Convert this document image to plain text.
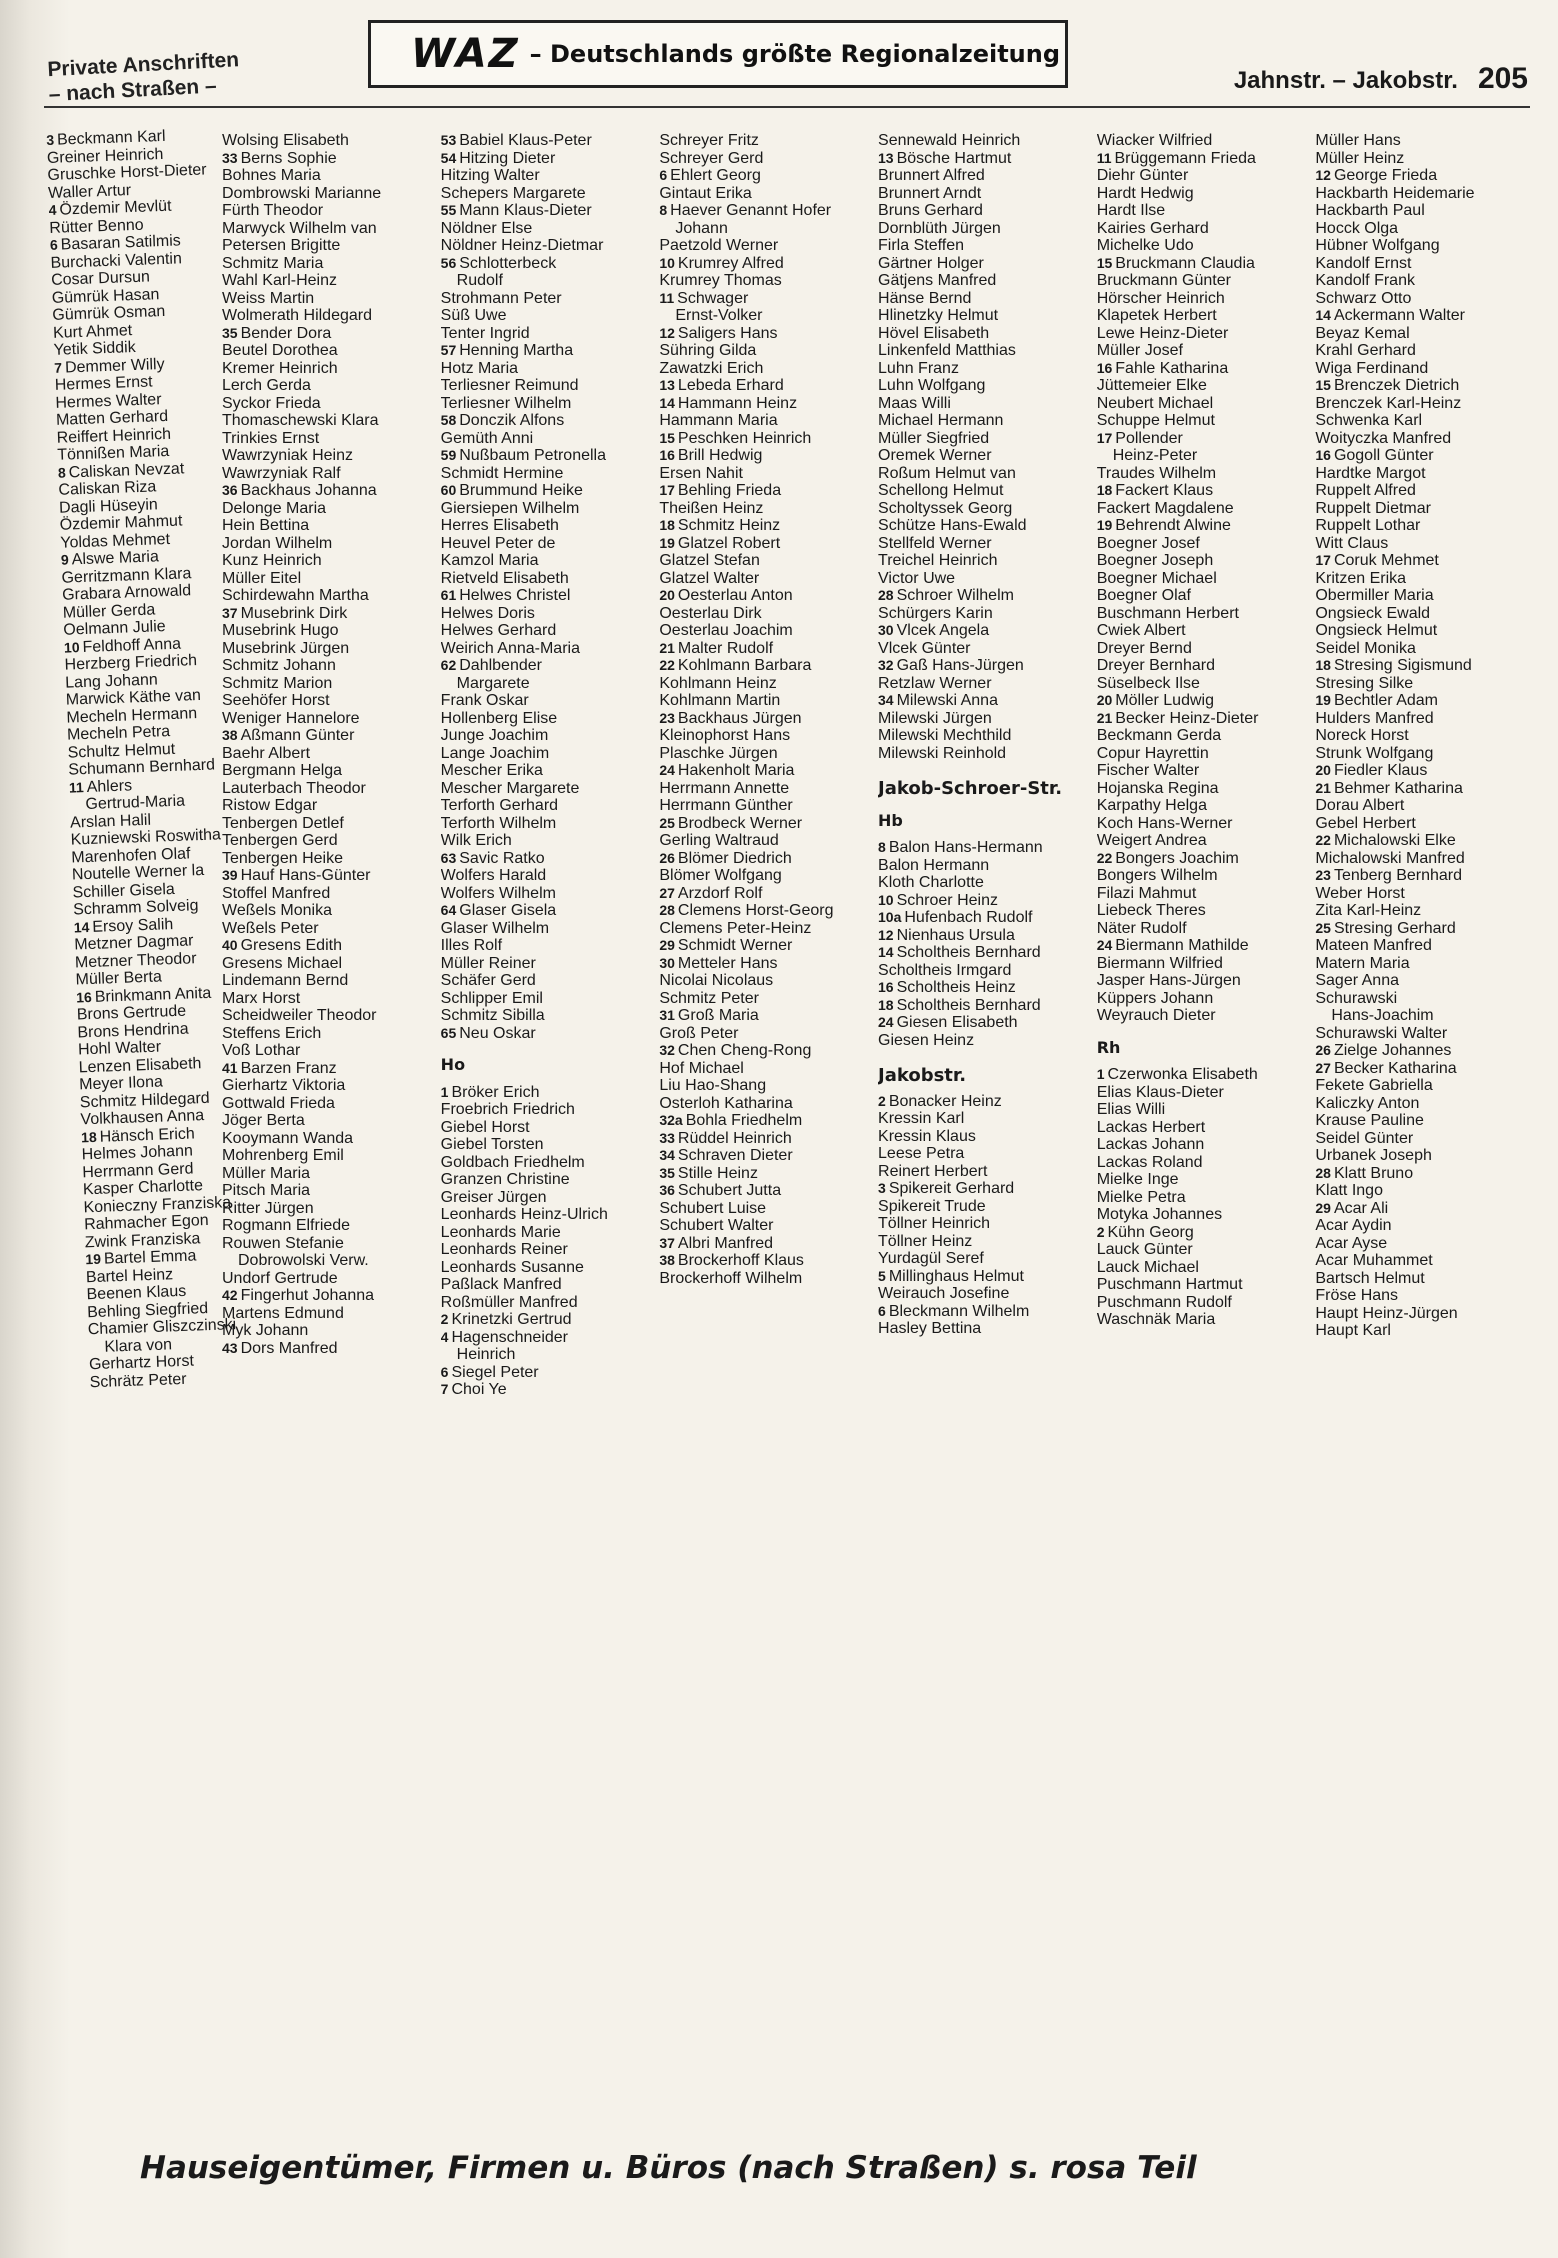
Private Anschriften
– nach Straßen –
WAZ – Deutschlands größte Regionalzeitung
Jahnstr. – Jakobstr. 205
3 Beckmann Karl
Greiner Heinrich
Gruschke Horst-Dieter
Waller Artur
4 Özdemir Mevlüt
Rütter Benno
6 Basaran Satilmis
Burchacki Valentin
Cosar Dursun
Gümrük Hasan
Gümrük Osman
Kurt Ahmet
Yetik Siddik
7 Demmer Willy
Hermes Ernst
Hermes Walter
Matten Gerhard
Reiffert Heinrich
Tönnißen Maria
8 Caliskan Nevzat
Caliskan Riza
Dagli Hüseyin
Özdemir Mahmut
Yoldas Mehmet
9 Alswe Maria
Gerritzmann Klara
Grabara Arnowald
Müller Gerda
Oelmann Julie
10 Feldhoff Anna
Herzberg Friedrich
Lang Johann
Marwick Käthe van
Mecheln Hermann
Mecheln Petra
Schultz Helmut
Schumann Bernhard
11 Ahlers
Gertrud-Maria
Arslan Halil
Kuzniewski Roswitha
Marenhofen Olaf
Noutelle Werner la
Schiller Gisela
Schramm Solveig
14 Ersoy Salih
Metzner Dagmar
Metzner Theodor
Müller Berta
16 Brinkmann Anita
Brons Gertrude
Brons Hendrina
Hohl Walter
Lenzen Elisabeth
Meyer Ilona
Schmitz Hildegard
Volkhausen Anna
18 Hänsch Erich
Helmes Johann
Herrmann Gerd
Kasper Charlotte
Konieczny Franziska
Rahmacher Egon
Zwink Franziska
19 Bartel Emma
Bartel Heinz
Beenen Klaus
Behling Siegfried
Chamier Gliszczinski
Klara von
Gerhartz Horst
Schrätz Peter
Wolsing Elisabeth
33 Berns Sophie
Bohnes Maria
Dombrowski Marianne
Fürth Theodor
Marwyck Wilhelm van
Petersen Brigitte
Schmitz Maria
Wahl Karl-Heinz
Weiss Martin
Wolmerath Hildegard
35 Bender Dora
Beutel Dorothea
Kremer Heinrich
Lerch Gerda
Syckor Frieda
Thomaschewski Klara
Trinkies Ernst
Wawrzyniak Heinz
Wawrzyniak Ralf
36 Backhaus Johanna
Delonge Maria
Hein Bettina
Jordan Wilhelm
Kunz Heinrich
Müller Eitel
Schirdewahn Martha
37 Musebrink Dirk
Musebrink Hugo
Musebrink Jürgen
Schmitz Johann
Schmitz Marion
Seehöfer Horst
Weniger Hannelore
38 Aßmann Günter
Baehr Albert
Bergmann Helga
Lauterbach Theodor
Ristow Edgar
Tenbergen Detlef
Tenbergen Gerd
Tenbergen Heike
39 Hauf Hans-Günter
Stoffel Manfred
Weßels Monika
Weßels Peter
40 Gresens Edith
Gresens Michael
Lindemann Bernd
Marx Horst
Scheidweiler Theodor
Steffens Erich
Voß Lothar
41 Barzen Franz
Gierhartz Viktoria
Gottwald Frieda
Jöger Berta
Kooymann Wanda
Mohrenberg Emil
Müller Maria
Pitsch Maria
Ritter Jürgen
Rogmann Elfriede
Rouwen Stefanie
Dobrowolski Verw.
Undorf Gertrude
42 Fingerhut Johanna
Martens Edmund
Myk Johann
43 Dors Manfred
53 Babiel Klaus-Peter
54 Hitzing Dieter
Hitzing Walter
Schepers Margarete
55 Mann Klaus-Dieter
Nöldner Else
Nöldner Heinz-Dietmar
56 Schlotterbeck
Rudolf
Strohmann Peter
Süß Uwe
Tenter Ingrid
57 Henning Martha
Hotz Maria
Terliesner Reimund
Terliesner Wilhelm
58 Donczik Alfons
Gemüth Anni
59 Nußbaum Petronella
Schmidt Hermine
60 Brummund Heike
Giersiepen Wilhelm
Herres Elisabeth
Heuvel Peter de
Kamzol Maria
Rietveld Elisabeth
61 Helwes Christel
Helwes Doris
Helwes Gerhard
Weirich Anna-Maria
62 Dahlbender
Margarete
Frank Oskar
Hollenberg Elise
Junge Joachim
Lange Joachim
Mescher Erika
Mescher Margarete
Terforth Gerhard
Terforth Wilhelm
Wilk Erich
63 Savic Ratko
Wolfers Harald
Wolfers Wilhelm
64 Glaser Gisela
Glaser Wilhelm
Illes Rolf
Müller Reiner
Schäfer Gerd
Schlipper Emil
Schmitz Sibilla
65 Neu Oskar
Ho
1 Bröker Erich
Froebrich Friedrich
Giebel Horst
Giebel Torsten
Goldbach Friedhelm
Granzen Christine
Greiser Jürgen
Leonhards Heinz-Ulrich
Leonhards Marie
Leonhards Reiner
Leonhards Susanne
Paßlack Manfred
Roßmüller Manfred
2 Krinetzki Gertrud
4 Hagenschneider
Heinrich
6 Siegel Peter
7 Choi Ye
Schreyer Fritz
Schreyer Gerd
6 Ehlert Georg
Gintaut Erika
8 Haever Genannt Hofer
Johann
Paetzold Werner
10 Krumrey Alfred
Krumrey Thomas
11 Schwager
Ernst-Volker
12 Saligers Hans
Sühring Gilda
Zawatzki Erich
13 Lebeda Erhard
14 Hammann Heinz
Hammann Maria
15 Peschken Heinrich
16 Brill Hedwig
Ersen Nahit
17 Behling Frieda
Theißen Heinz
18 Schmitz Heinz
19 Glatzel Robert
Glatzel Stefan
Glatzel Walter
20 Oesterlau Anton
Oesterlau Dirk
Oesterlau Joachim
21 Malter Rudolf
22 Kohlmann Barbara
Kohlmann Heinz
Kohlmann Martin
23 Backhaus Jürgen
Kleinophorst Hans
Plaschke Jürgen
24 Hakenholt Maria
Herrmann Annette
Herrmann Günther
25 Brodbeck Werner
Gerling Waltraud
26 Blömer Diedrich
Blömer Wolfgang
27 Arzdorf Rolf
28 Clemens Horst-Georg
Clemens Peter-Heinz
29 Schmidt Werner
30 Metteler Hans
Nicolai Nicolaus
Schmitz Peter
31 Groß Maria
Groß Peter
32 Chen Cheng-Rong
Hof Michael
Liu Hao-Shang
Osterloh Katharina
32a Bohla Friedhelm
33 Rüddel Heinrich
34 Schraven Dieter
35 Stille Heinz
36 Schubert Jutta
Schubert Luise
Schubert Walter
37 Albri Manfred
38 Brockerhoff Klaus
Brockerhoff Wilhelm
Sennewald Heinrich
13 Bösche Hartmut
Brunnert Alfred
Brunnert Arndt
Bruns Gerhard
Dornblüth Jürgen
Firla Steffen
Gärtner Holger
Gätjens Manfred
Hänse Bernd
Hlinetzky Helmut
Hövel Elisabeth
Linkenfeld Matthias
Luhn Franz
Luhn Wolfgang
Maas Willi
Michael Hermann
Müller Siegfried
Oremek Werner
Roßum Helmut van
Schellong Helmut
Scholtyssek Georg
Schütze Hans-Ewald
Stellfeld Werner
Treichel Heinrich
Victor Uwe
28 Schroer Wilhelm
Schürgers Karin
30 Vlcek Angela
Vlcek Günter
32 Gaß Hans-Jürgen
Retzlaw Werner
34 Milewski Anna
Milewski Jürgen
Milewski Mechthild
Milewski Reinhold
Jakob-Schroer-Str.
Hb
8 Balon Hans-Hermann
Balon Hermann
Kloth Charlotte
10 Schroer Heinz
10a Hufenbach Rudolf
12 Nienhaus Ursula
14 Scholtheis Bernhard
Scholtheis Irmgard
16 Scholtheis Heinz
18 Scholtheis Bernhard
24 Giesen Elisabeth
Giesen Heinz
Jakobstr.
2 Bonacker Heinz
Kressin Karl
Kressin Klaus
Leese Petra
Reinert Herbert
3 Spikereit Gerhard
Spikereit Trude
Töllner Heinrich
Töllner Heinz
Yurdagül Seref
5 Millinghaus Helmut
Weirauch Josefine
6 Bleckmann Wilhelm
Hasley Bettina
Wiacker Wilfried
11 Brüggemann Frieda
Diehr Günter
Hardt Hedwig
Hardt Ilse
Kairies Gerhard
Michelke Udo
15 Bruckmann Claudia
Bruckmann Günter
Hörscher Heinrich
Klapetek Herbert
Lewe Heinz-Dieter
Müller Josef
16 Fahle Katharina
Jüttemeier Elke
Neubert Michael
Schuppe Helmut
17 Pollender
Heinz-Peter
Traudes Wilhelm
18 Fackert Klaus
Fackert Magdalene
19 Behrendt Alwine
Boegner Josef
Boegner Joseph
Boegner Michael
Boegner Olaf
Buschmann Herbert
Cwiek Albert
Dreyer Bernd
Dreyer Bernhard
Süselbeck Ilse
20 Möller Ludwig
21 Becker Heinz-Dieter
Beckmann Gerda
Copur Hayrettin
Fischer Walter
Hojanska Regina
Karpathy Helga
Koch Hans-Werner
Weigert Andrea
22 Bongers Joachim
Bongers Wilhelm
Filazi Mahmut
Liebeck Theres
Näter Rudolf
24 Biermann Mathilde
Biermann Wilfried
Jasper Hans-Jürgen
Küppers Johann
Weyrauch Dieter
Rh
1 Czerwonka Elisabeth
Elias Klaus-Dieter
Elias Willi
Lackas Herbert
Lackas Johann
Lackas Roland
Mielke Inge
Mielke Petra
Motyka Johannes
2 Kühn Georg
Lauck Günter
Lauck Michael
Puschmann Hartmut
Puschmann Rudolf
Waschnäk Maria
Müller Hans
Müller Heinz
12 George Frieda
Hackbarth Heidemarie
Hackbarth Paul
Hocck Olga
Hübner Wolfgang
Kandolf Ernst
Kandolf Frank
Schwarz Otto
14 Ackermann Walter
Beyaz Kemal
Krahl Gerhard
Wiga Ferdinand
15 Brenczek Dietrich
Brenczek Karl-Heinz
Schwenka Karl
Woityczka Manfred
16 Gogoll Günter
Hardtke Margot
Ruppelt Alfred
Ruppelt Dietmar
Ruppelt Lothar
Witt Claus
17 Coruk Mehmet
Kritzen Erika
Obermiller Maria
Ongsieck Ewald
Ongsieck Helmut
Seidel Monika
18 Stresing Sigismund
Stresing Silke
19 Bechtler Adam
Hulders Manfred
Noreck Horst
Strunk Wolfgang
20 Fiedler Klaus
21 Behmer Katharina
Dorau Albert
Gebel Herbert
22 Michalowski Elke
Michalowski Manfred
23 Tenberg Bernhard
Weber Horst
Zita Karl-Heinz
25 Stresing Gerhard
Mateen Manfred
Matern Maria
Sager Anna
Schurawski
Hans-Joachim
Schurawski Walter
26 Zielge Johannes
27 Becker Katharina
Fekete Gabriella
Kaliczky Anton
Krause Pauline
Seidel Günter
Urbanek Joseph
28 Klatt Bruno
Klatt Ingo
29 Acar Ali
Acar Aydin
Acar Ayse
Acar Muhammet
Bartsch Helmut
Fröse Hans
Haupt Heinz-Jürgen
Haupt Karl
Hauseigentümer, Firmen u. Büros (nach Straßen) s. rosa Teil
